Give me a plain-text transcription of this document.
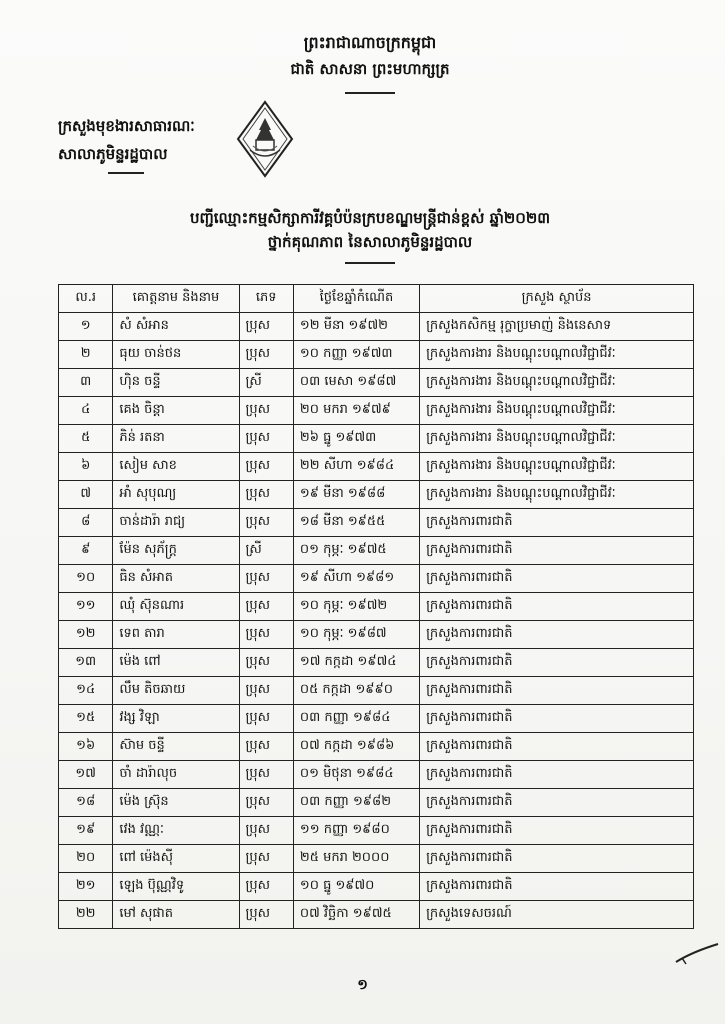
ព្រះរាជាណាចក្រកម្ពុជា
ជាតិ សាសនា ព្រះមហាក្សត្រ
ក្រសួងមុខងារសាធារណៈ
សាលាភូមិន្ទរដ្ឋបាល
បញ្ជីឈ្មោះកម្មសិក្សាការីវគ្គបំប៉នក្របខណ្ឌមន្ត្រីជាន់ខ្ពស់ ឆ្នាំ២០២៣
ថ្នាក់គុណភាព នៃសាលាភូមិន្ទរដ្ឋបាល
ល.រ	គោត្តនាម និងនាម	ភេទ	ថ្ងៃខែឆ្នាំកំណើត	ក្រសួង ស្ថាប័ន
១	សំ សំអាន	ប្រុស	១២ មីនា ១៩៧២	ក្រសួងកសិកម្ម រុក្ខាប្រមាញ់ និងនេសាទ
២	ធុយ ចាន់ថន	ប្រុស	១០ កញ្ញា ១៩៧៣	ក្រសួងការងារ និងបណ្តុះបណ្តាលវិជ្ជាជីវៈ
៣	ហ៊ិន ចន្ទី	ស្រី	០៣ មេសា ១៩៨៧	ក្រសួងការងារ និងបណ្តុះបណ្តាលវិជ្ជាជីវៈ
៤	គេង ចិន្តា	ប្រុស	២០ មករា ១៩៧៩	ក្រសួងការងារ និងបណ្តុះបណ្តាលវិជ្ជាជីវៈ
៥	ភិន់ រតនា	ប្រុស	២៦ ធ្នូ ១៩៧៣	ក្រសួងការងារ និងបណ្តុះបណ្តាលវិជ្ជាជីវៈ
៦	សៀម សាខ	ប្រុស	២២ សីហា ១៩៨៤	ក្រសួងការងារ និងបណ្តុះបណ្តាលវិជ្ជាជីវៈ
៧	អាំ សុបុណ្យ	ប្រុស	១៩ មីនា ១៩៨៨	ក្រសួងការងារ និងបណ្តុះបណ្តាលវិជ្ជាជីវៈ
៨	ចាន់ដារ៉ា រាជ្យ	ប្រុស	១៨ មីនា ១៩៥៥	ក្រសួងការពារជាតិ
៩	ម៉ែន សុភ័ក្ត្រ	ស្រី	០១ កុម្ភៈ ១៩៧៥	ក្រសួងការពារជាតិ
១០	ធិន សំអាត	ប្រុស	១៩ សីហា ១៩៨១	ក្រសួងការពារជាតិ
១១	ឈុំ ស៊ុនណារ	ប្រុស	១០ កុម្ភៈ ១៩៧២	ក្រសួងការពារជាតិ
១២	ទេព តារា	ប្រុស	១០ កុម្ភៈ ១៩៨៧	ក្រសួងការពារជាតិ
១៣	ម៉េង ពៅ	ប្រុស	១៧ កក្កដា ១៩៧៤	ក្រសួងការពារជាតិ
១៤	លឹម តិចឆាយ	ប្រុស	០៥ កក្កដា ១៩៩០	ក្រសួងការពារជាតិ
១៥	វង្ស វិឡា	ប្រុស	០៣ កញ្ញា ១៩៨៤	ក្រសួងការពារជាតិ
១៦	ស៊ាម ចន្ទី	ប្រុស	០៧ កក្កដា ១៩៨៦	ក្រសួងការពារជាតិ
១៧	ចាំ ដារ៉ាលុច	ប្រុស	០១ មិថុនា ១៩៨៤	ក្រសួងការពារជាតិ
១៨	ម៉េង ស្រ៊ុន	ប្រុស	០៣ កញ្ញា ១៩៨២	ក្រសួងការពារជាតិ
១៩	វេង វណ្ណៈ	ប្រុស	១១ កញ្ញា ១៩៨០	ក្រសួងការពារជាតិ
២០	ពៅ ម៉េងស៊ី	ប្រុស	២៥ មករា ២០០០	ក្រសួងការពារជាតិ
២១	ឡេង ប៊ុណ្ណវិទូ	ប្រុស	១០ ធ្នូ ១៩៧០	ក្រសួងការពារជាតិ
២២	មៅ សុផាត	ប្រុស	០៧ វិច្ឆិកា ១៩៧៥	ក្រសួងទេសចរណ៍
១
